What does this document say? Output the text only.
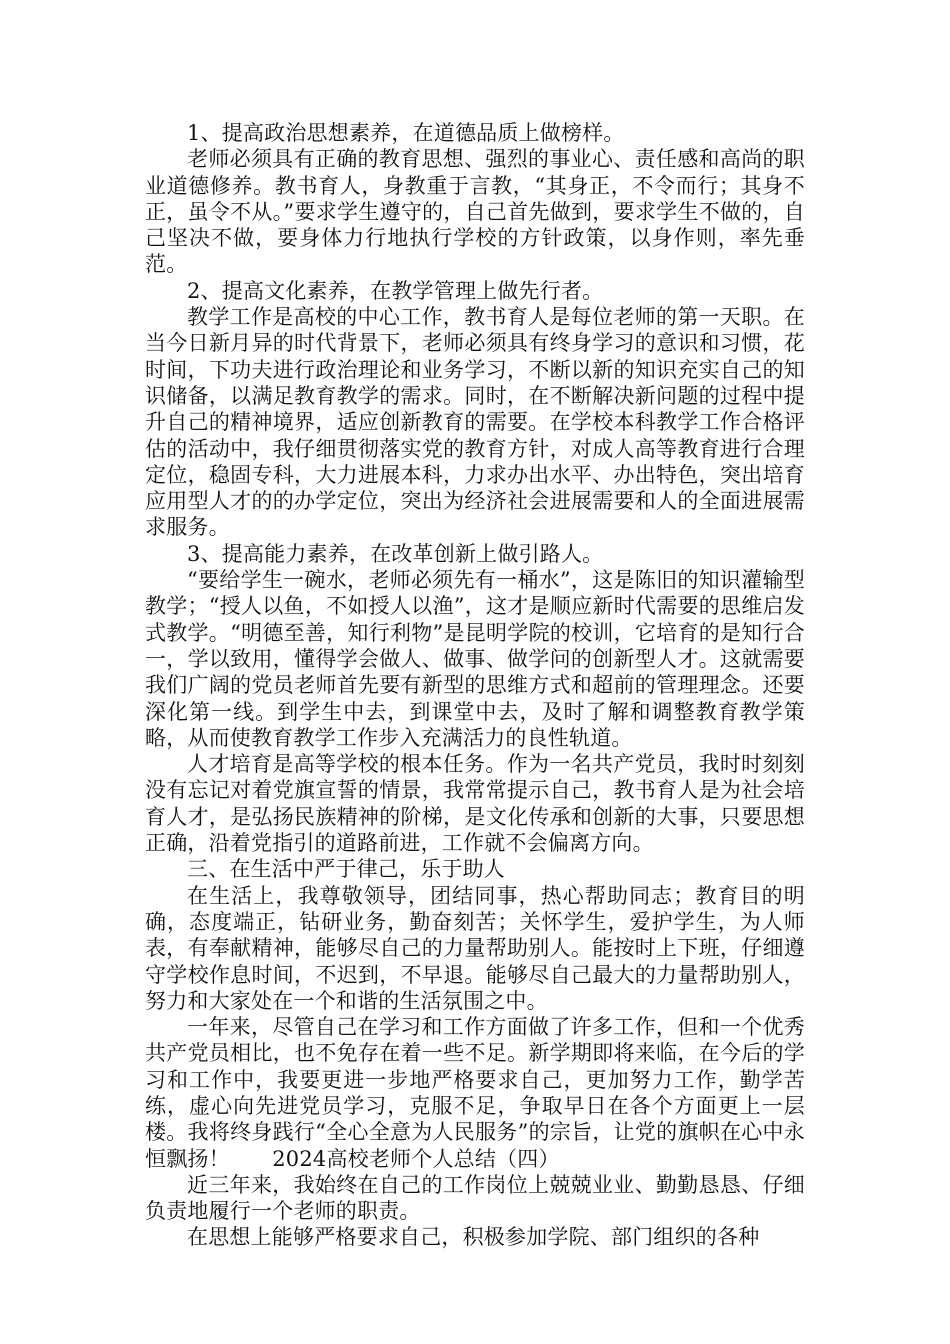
1、提高政治思想素养，在道德品质上做榜样。

老师必须具有正确的教育思想、强烈的事业心、责任感和高尚的职业道德修养。教书育人，身教重于言教，“其身正，不令而行；其身不正，虽令不从。”要求学生遵守的，自己首先做到，要求学生不做的，自己坚决不做，要身体力行地执行学校的方针政策，以身作则，率先垂范。

2、提高文化素养，在教学管理上做先行者。

教学工作是高校的中心工作，教书育人是每位老师的第一天职。在当今日新月异的时代背景下，老师必须具有终身学习的意识和习惯，花时间，下功夫进行政治理论和业务学习，不断以新的知识充实自己的知识储备，以满足教育教学的需求。同时，在不断解决新问题的过程中提升自己的精神境界，适应创新教育的需要。在学校本科教学工作合格评估的活动中，我仔细贯彻落实党的教育方针，对成人高等教育进行合理定位，稳固专科，大力进展本科，力求办出水平、办出特色，突出培育应用型人才的的办学定位，突出为经济社会进展需要和人的全面进展需求服务。

3、提高能力素养，在改革创新上做引路人。

“要给学生一碗水，老师必须先有一桶水”，这是陈旧的知识灌输型教学；“授人以鱼，不如授人以渔”，这才是顺应新时代需要的思维启发式教学。“明德至善，知行利物”是昆明学院的校训，它培育的是知行合一，学以致用，懂得学会做人、做事、做学问的创新型人才。这就需要我们广阔的党员老师首先要有新型的思维方式和超前的管理理念。还要深化第一线。到学生中去，到课堂中去，及时了解和调整教育教学策略，从而使教育教学工作步入充满活力的良性轨道。

人才培育是高等学校的根本任务。作为一名共产党员，我时时刻刻没有忘记对着党旗宣誓的情景，我常常提示自己，教书育人是为社会培育人才，是弘扬民族精神的阶梯，是文化传承和创新的大事，只要思想正确，沿着党指引的道路前进，工作就不会偏离方向。

三、在生活中严于律己，乐于助人

在生活上，我尊敬领导，团结同事，热心帮助同志；教育目的明确，态度端正，钻研业务，勤奋刻苦；关怀学生，爱护学生，为人师表，有奉献精神，能够尽自己的力量帮助别人。能按时上下班，仔细遵守学校作息时间，不迟到，不早退。能够尽自己最大的力量帮助别人，努力和大家处在一个和谐的生活氛围之中。

一年来，尽管自己在学习和工作方面做了许多工作，但和一个优秀共产党员相比，也不免存在着一些不足。新学期即将来临，在今后的学习和工作中，我要更进一步地严格要求自己，更加努力工作，勤学苦练，虚心向先进党员学习，克服不足，争取早日在各个方面更上一层楼。我将终身践行“全心全意为人民服务”的宗旨，让党的旗帜在心中永恒飘扬！　　2024高校老师个人总结（四）

近三年来，我始终在自己的工作岗位上兢兢业业、勤勤恳恳、仔细负责地履行一个老师的职责。

在思想上能够严格要求自己，积极参加学院、部门组织的各种
